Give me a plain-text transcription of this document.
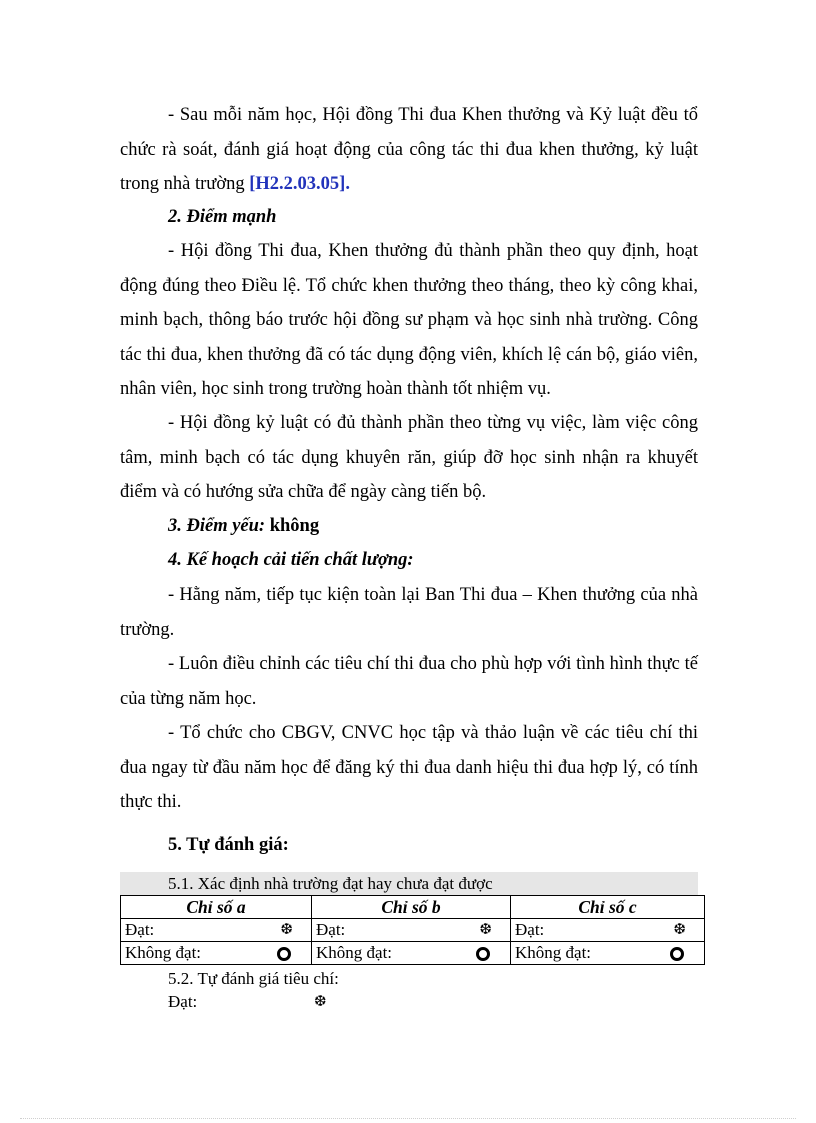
- Sau mỗi năm học, Hội đồng Thi đua Khen thưởng và Kỷ luật đều tổ chức rà soát, đánh giá hoạt động của công tác thi đua khen thưởng, kỷ luật trong nhà trường [H2.2.03.05].

2. Điểm mạnh

- Hội đồng Thi đua, Khen thưởng đủ thành phần theo quy định, hoạt động đúng theo Điều lệ. Tổ chức khen thưởng theo tháng, theo kỳ công khai, minh bạch, thông báo trước hội đồng sư phạm và học sinh nhà trường. Công tác thi đua, khen thưởng đã có tác dụng động viên, khích lệ cán bộ, giáo viên, nhân viên, học sinh trong trường hoàn thành tốt nhiệm vụ.

- Hội đồng kỷ luật có đủ thành phần theo từng vụ việc, làm việc công tâm, minh bạch có tác dụng khuyên răn, giúp đỡ học sinh nhận ra khuyết điểm và có hướng sửa chữa để ngày càng tiến bộ.

3. Điểm yếu: không

4. Kế hoạch cải tiến chất lượng:

- Hằng năm, tiếp tục kiện toàn lại Ban Thi đua – Khen thưởng của nhà trường.

- Luôn điều chỉnh các tiêu chí thi đua cho phù hợp với tình hình thực tế của từng năm học.

- Tổ chức cho CBGV, CNVC học tập và thảo luận về các tiêu chí thi đua ngay từ đầu năm học để đăng ký thi đua danh hiệu thi đua hợp lý, có tính thực thi.

5. Tự đánh giá:

5.1. Xác định nhà trường đạt hay chưa đạt được

Chỉ số a	Chỉ số b	Chỉ số c
Đạt: ❆	Đạt: ❆	Đạt: ❆

Không đạt:	Không đạt:	Không đạt:

5.2. Tự đánh giá tiêu chí:

Đạt:	❆
